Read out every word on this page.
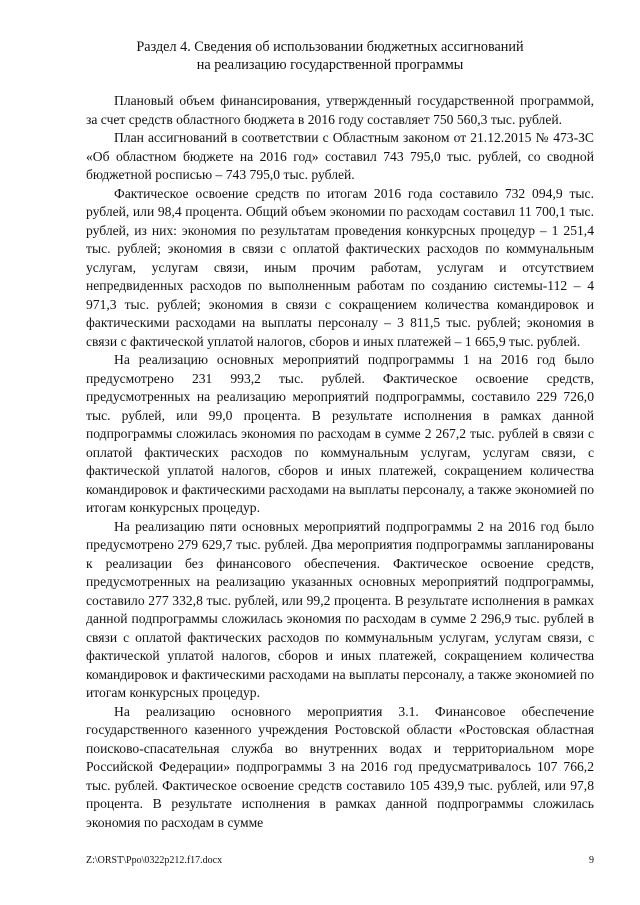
Раздел 4. Сведения об использовании бюджетных ассигнований
на реализацию государственной программы

Плановый объем финансирования, утвержденный государственной программой, за счет средств областного бюджета в 2016 году составляет 750 560,3 тыс. рублей.

План ассигнований в соответствии с Областным законом от 21.12.2015 № 473-ЗС «Об областном бюджете на 2016 год» составил 743 795,0 тыс. рублей, со сводной бюджетной росписью – 743 795,0 тыс. рублей.

Фактическое освоение средств по итогам 2016 года составило 732 094,9 тыс. рублей, или 98,4 процента. Общий объем экономии по расходам составил 11 700,1 тыс. рублей, из них: экономия по результатам проведения конкурсных процедур – 1 251,4 тыс. рублей; экономия в связи с оплатой фактических расходов по коммунальным услугам, услугам связи, иным прочим работам, услугам и отсутствием непредвиденных расходов по выполненным работам по созданию системы-112 – 4 971,3 тыс. рублей; экономия в связи с сокращением количества командировок и фактическими расходами на выплаты персоналу – 3 811,5 тыс. рублей; экономия в связи с фактической уплатой налогов, сборов и иных платежей – 1 665,9 тыс. рублей.

На реализацию основных мероприятий подпрограммы 1 на 2016 год было предусмотрено 231 993,2 тыс. рублей. Фактическое освоение средств, предусмотренных на реализацию мероприятий подпрограммы, составило 229 726,0 тыс. рублей, или 99,0 процента. В результате исполнения в рамках данной подпрограммы сложилась экономия по расходам в сумме 2 267,2 тыс. рублей в связи с оплатой фактических расходов по коммунальным услугам, услугам связи, с фактической уплатой налогов, сборов и иных платежей, сокращением количества командировок и фактическими расходами на выплаты персоналу, а также экономией по итогам конкурсных процедур.

На реализацию пяти основных мероприятий подпрограммы 2 на 2016 год было предусмотрено 279 629,7 тыс. рублей. Два мероприятия подпрограммы запланированы к реализации без финансового обеспечения. Фактическое освоение средств, предусмотренных на реализацию указанных основных мероприятий подпрограммы, составило 277 332,8 тыс. рублей, или 99,2 процента. В результате исполнения в рамках данной подпрограммы сложилась экономия по расходам в сумме 2 296,9 тыс. рублей в связи с оплатой фактических расходов по коммунальным услугам, услугам связи, с фактической уплатой налогов, сборов и иных платежей, сокращением количества командировок и фактическими расходами на выплаты персоналу, а также экономией по итогам конкурсных процедур.

На реализацию основного мероприятия 3.1. Финансовое обеспечение государственного казенного учреждения Ростовской области «Ростовская областная поисково-спасательная служба во внутренних водах и территориальном море Российской Федерации» подпрограммы 3 на 2016 год предусматривалось 107 766,2 тыс. рублей. Фактическое освоение средств составило 105 439,9 тыс. рублей, или 97,8 процента. В результате исполнения в рамках данной подпрограммы сложилась экономия по расходам в сумме

Z:\ORST\Ppo\0322p212.f17.docx	9
